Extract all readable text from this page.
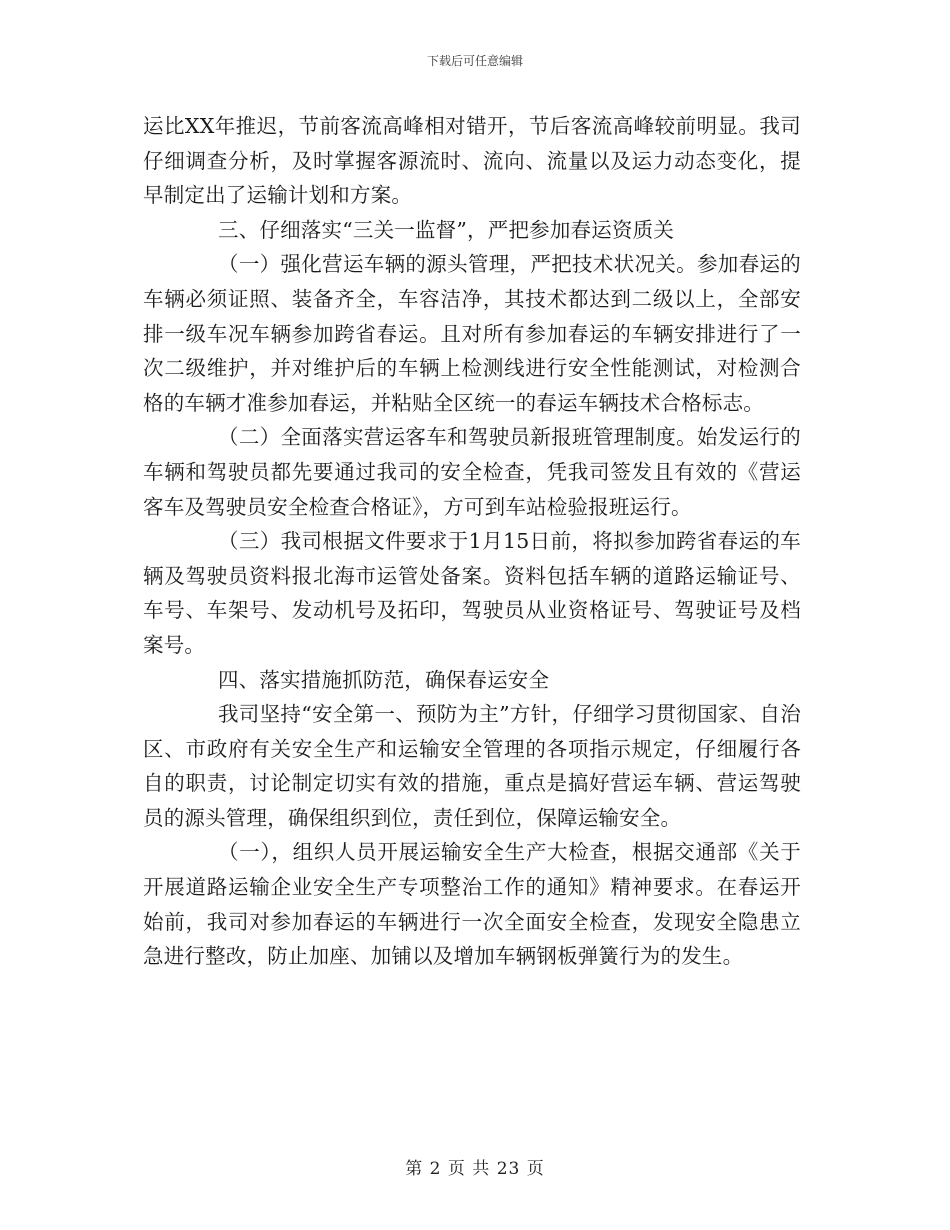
下载后可任意编辑

运比XX年推迟，节前客流高峰相对错开，节后客流高峰较前明显。我司仔细调查分析，及时掌握客源流时、流向、流量以及运力动态变化，提早制定出了运输计划和方案。

三、仔细落实“三关一监督”，严把参加春运资质关

（一）强化营运车辆的源头管理，严把技术状况关。参加春运的车辆必须证照、装备齐全，车容洁净，其技术都达到二级以上，全部安排一级车况车辆参加跨省春运。且对所有参加春运的车辆安排进行了一次二级维护，并对维护后的车辆上检测线进行安全性能测试，对检测合格的车辆才准参加春运，并粘贴全区统一的春运车辆技术合格标志。

（二）全面落实营运客车和驾驶员新报班管理制度。始发运行的车辆和驾驶员都先要通过我司的安全检查，凭我司签发且有效的《营运客车及驾驶员安全检查合格证》，方可到车站检验报班运行。

（三）我司根据文件要求于1月15日前，将拟参加跨省春运的车辆及驾驶员资料报北海市运管处备案。资料包括车辆的道路运输证号、车号、车架号、发动机号及拓印，驾驶员从业资格证号、驾驶证号及档案号。

四、落实措施抓防范，确保春运安全

我司坚持“安全第一、预防为主”方针，仔细学习贯彻国家、自治区、市政府有关安全生产和运输安全管理的各项指示规定，仔细履行各自的职责，讨论制定切实有效的措施，重点是搞好营运车辆、营运驾驶员的源头管理，确保组织到位，责任到位，保障运输安全。

（一），组织人员开展运输安全生产大检查，根据交通部《关于开展道路运输企业安全生产专项整治工作的通知》精神要求。在春运开始前，我司对参加春运的车辆进行一次全面安全检查，发现安全隐患立急进行整改，防止加座、加铺以及增加车辆钢板弹簧行为的发生。

第 2 页 共 23 页
